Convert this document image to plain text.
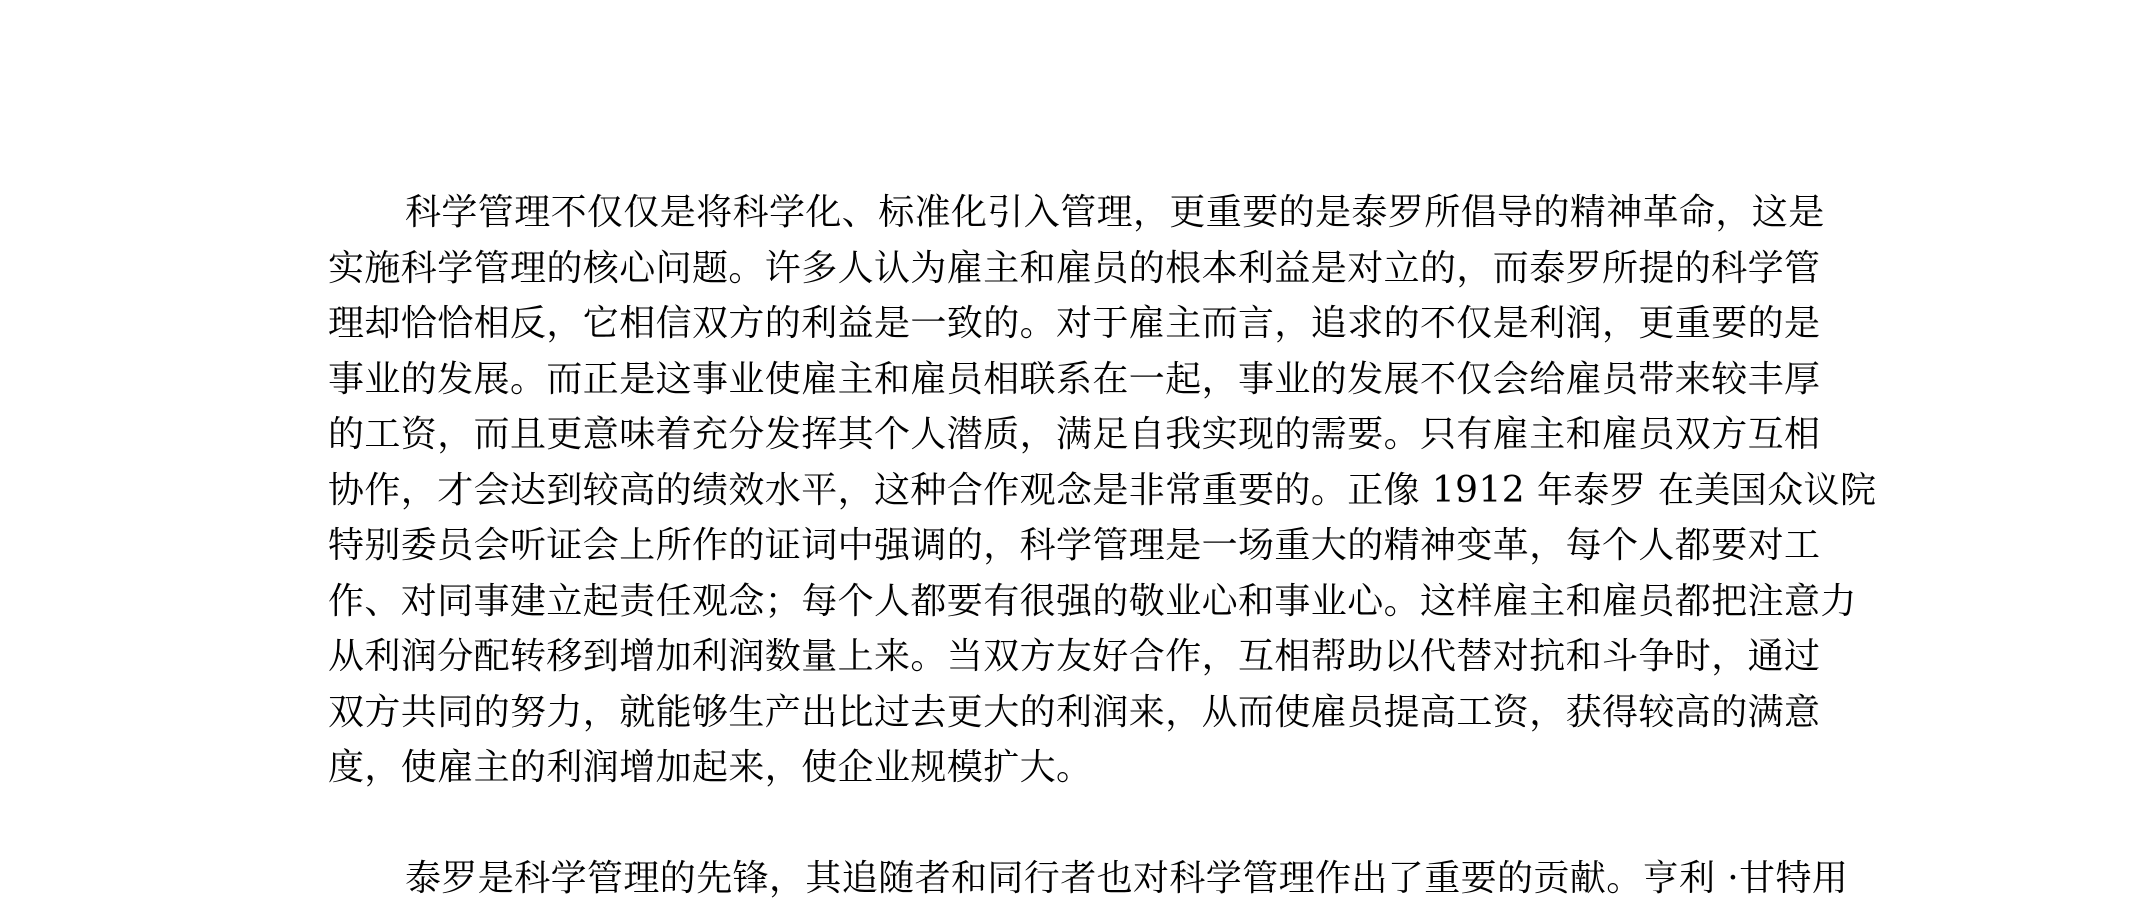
科学管理不仅仅是将科学化、标准化引入管理，更重要的是泰罗所倡导的精神革命，这是

实施科学管理的核心问题。许多人认为雇主和雇员的根本利益是对立的，而泰罗所提的科学管

理却恰恰相反，它相信双方的利益是一致的。对于雇主而言，追求的不仅是利润，更重要的是

事业的发展。而正是这事业使雇主和雇员相联系在一起，事业的发展不仅会给雇员带来较丰厚

的工资，而且更意味着充分发挥其个人潜质，满足自我实现的需要。只有雇主和雇员双方互相

协作，才会达到较高的绩效水平，这种合作观念是非常重要的。正像 1912 年泰罗 在美国众议院

特别委员会听证会上所作的证词中强调的，科学管理是一场重大的精神变革，每个人都要对工

作、对同事建立起责任观念；每个人都要有很强的敬业心和事业心。这样雇主和雇员都把注意力

从利润分配转移到增加利润数量上来。当双方友好合作，互相帮助以代替对抗和斗争时，通过

双方共同的努力，就能够生产出比过去更大的利润来，从而使雇员提高工资，获得较高的满意

度，使雇主的利润增加起来，使企业规模扩大。

泰罗是科学管理的先锋，其追随者和同行者也对科学管理作出了重要的贡献。亨利 ·甘特用
